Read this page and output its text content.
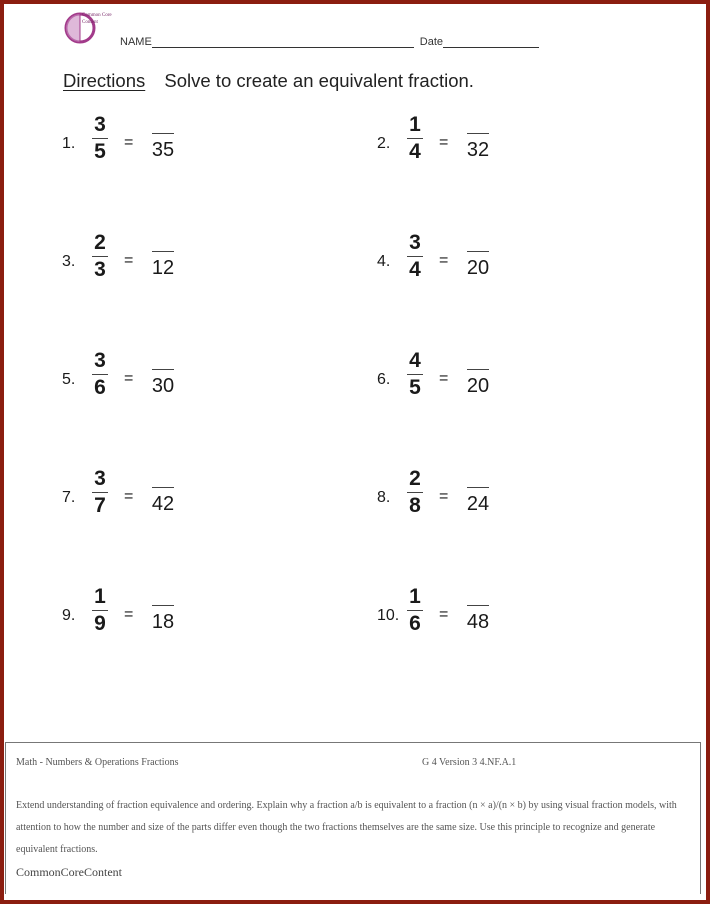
Common Core Content
NAME	Date
Directions Solve to create an equivalent fraction.
1.
3
5 = 35	2.
1
4 = 32
3.
2
3 = 12	4.
3
4 = 20
5.
3
6 = 30	6.
4
5 = 20
7.
3
7 = 42	8.
2
8 = 24
9.
1
9 = 18	10.
1
6 = 48
Math - Numbers & Operations Fractions	G 4 Version 3 4.NF.A.1
Extend understanding of fraction equivalence and ordering. Explain why a fraction a/b is equivalent to a fraction (n × a)/(n × b) by using visual fraction models, with attention to how the number and size of the parts differ even though the two fractions themselves are the same size. Use this principle to recognize and generate equivalent fractions.
CommonCoreContent
